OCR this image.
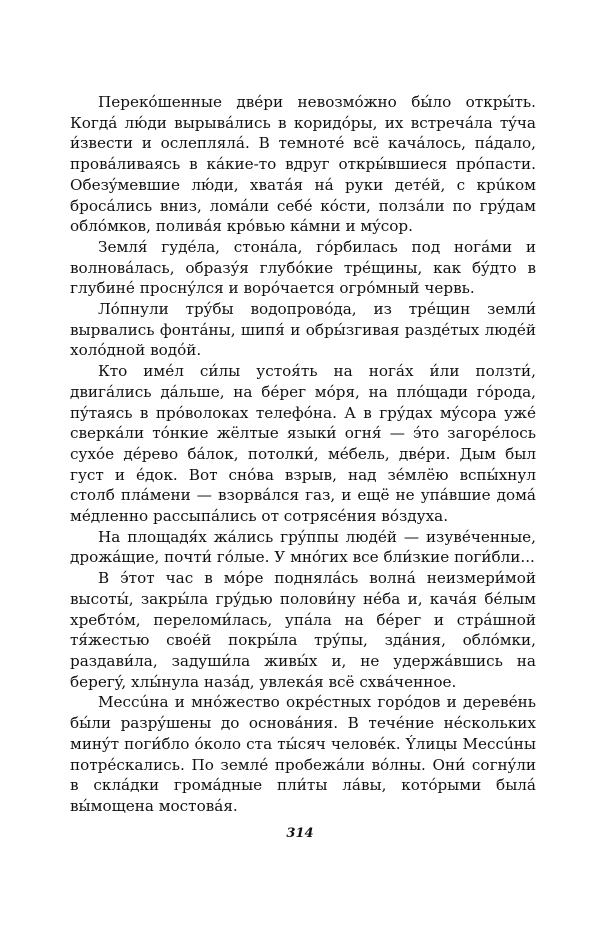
Перекóшенные двéри невозмóжно бы́ло откры́ть. Когдá лю́ди вырывáлись в коридóры, их встречáла тýча и́звести и ослеплялá. В темнотé всё качáлось, пáдало, провáливаясь в кáкие-то вдруг откры́вшиеся прóпасти. Обезýмевшие лю́ди, хватáя нá руки детéй, с крúком бросáлись вниз, ломáли себé кóсти, ползáли по грýдам облóмков, поливáя крóвью кáмни и мýсор.

Земля́ гудéла, стонáла, гóрбилась под ногáми и волновáлась, образýя глубóкие трéщины, как бýдто в глубинé проснýлся и ворóчается огрóмный червь.

Лóпнули трýбы водопровóда, из трéщин земли́ вырвались фонтáны, шипя́ и обры́згивая раздéтых людéй холóдной водóй.

Кто имéл си́лы устоя́ть на ногáх и́ли ползти́, двигáлись дáльше, на бéрег мóря, на плóщади гóрода, пýтаясь в прóволоках телефóна. А в грýдах мýсора ужé сверкáли тóнкие жёлтые языки́ огня́ — э́то загорéлось сухóе дéрево бáлок, потолки́, мéбель, двéри. Дым был густ и éдок. Вот снóва взрыв, над зéмлёю вспы́хнул столб плáмени — взорвáлся газ, и ещё не упáвшие домá мéдленно рассыпáлись от сотрясéния вóздуха.

На площадя́х жáлись грýппы людéй — изувéченные, дрожáщие, почти́ гóлые. У мнóгих все бли́зкие поги́бли...

В э́тот час в мóре поднялáсь волнá неизмери́мой высоты́, закры́ла грýдью полови́ну нéба и, качáя бéлым хребтóм, переломи́лась, упáла на бéрег и стрáшной тя́жестью своéй покры́ла трýпы, здáния, облóмки, раздави́ла, задуши́ла живы́х и, не удержáвшись на берегý, хлы́нула назáд, увлекáя всё схвáченное.

Мессúна и мнóжество окрéстных горóдов и деревéнь бы́ли разрýшены до основáния. В течéние нéскольких минýт поги́бло óколо ста ты́сяч человéк. Ýлицы Мессúны потрéскались. По землé пробежáли вóлны. Они́ согнýли в склáдки громáдные пли́ты лáвы, котóрыми былá вы́мощена мостовáя.

314
